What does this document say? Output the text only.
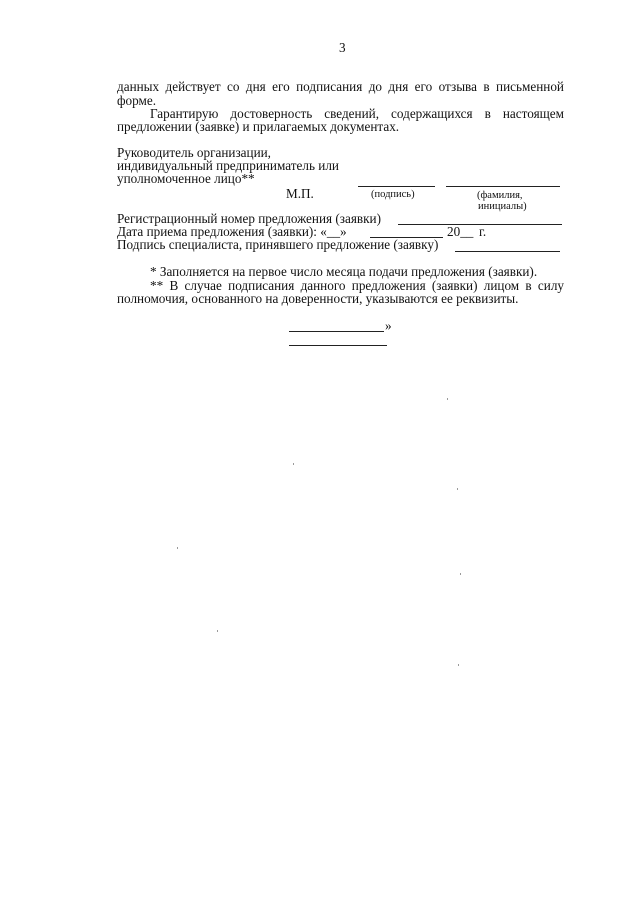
3
данных действует со дня его подписания до дня его отзыва в письменной
форме.
Гарантирую достоверность сведений, содержащихся в настоящем
предложении (заявке) и прилагаемых документах.
Руководитель организации,
индивидуальный предприниматель или
уполномоченное лицо**
М.П.	(подпись)	(фамилия,
инициалы)
Регистрационный номер предложения (заявки)
Дата приема предложения (заявки): «__»	20__ г.
Подпись специалиста, принявшего предложение (заявку)
* Заполняется на первое число месяца подачи предложения (заявки).
** В случае подписания данного предложения (заявки) лицом в силу
полномочия, основанного на доверенности, указываются ее реквизиты.
»
